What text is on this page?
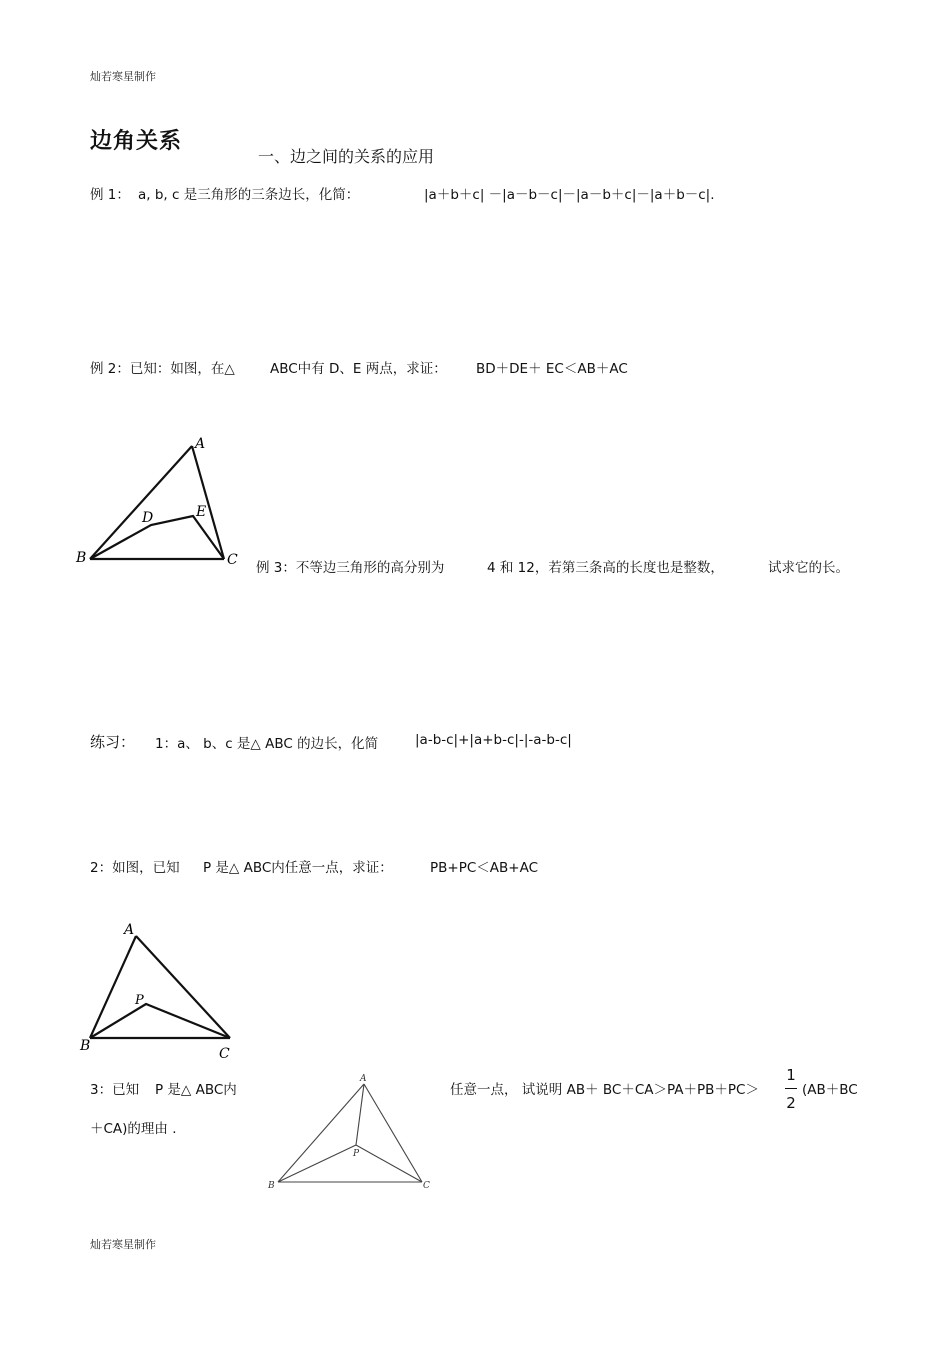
灿若寒星制作
边角关系
一、边之间的关系的应用
例 1： a, b, c 是三角形的三条边长，化简：	|a＋b＋c| －|a－b－c|－|a－b＋c|－|a＋b－c|.
例 2：已知：如图，在△	ABC中有 D、E 两点，求证： BD＋DE＋ EC＜AB＋AC
A
B	C
D	E
例 3：不等边三角形的高分别为	4 和 12，若第三条高的长度也是整数，	试求它的长。
练习： 1：a、 b、c 是△ ABC 的边长，化简	|a-b-c|+|a+b-c|-|-a-b-c|
2：如图，已知 P 是△ ABC内任意一点，求证：	PB+PC＜AB+AC
A
B	C
P
3：已知 P 是△ ABC内	任意一点， 试说明 AB＋ BC＋CA＞PA＋PB＋PC＞
1
2
(AB＋BC
＋CA)的理由 .
A
B	C
P
灿若寒星制作
